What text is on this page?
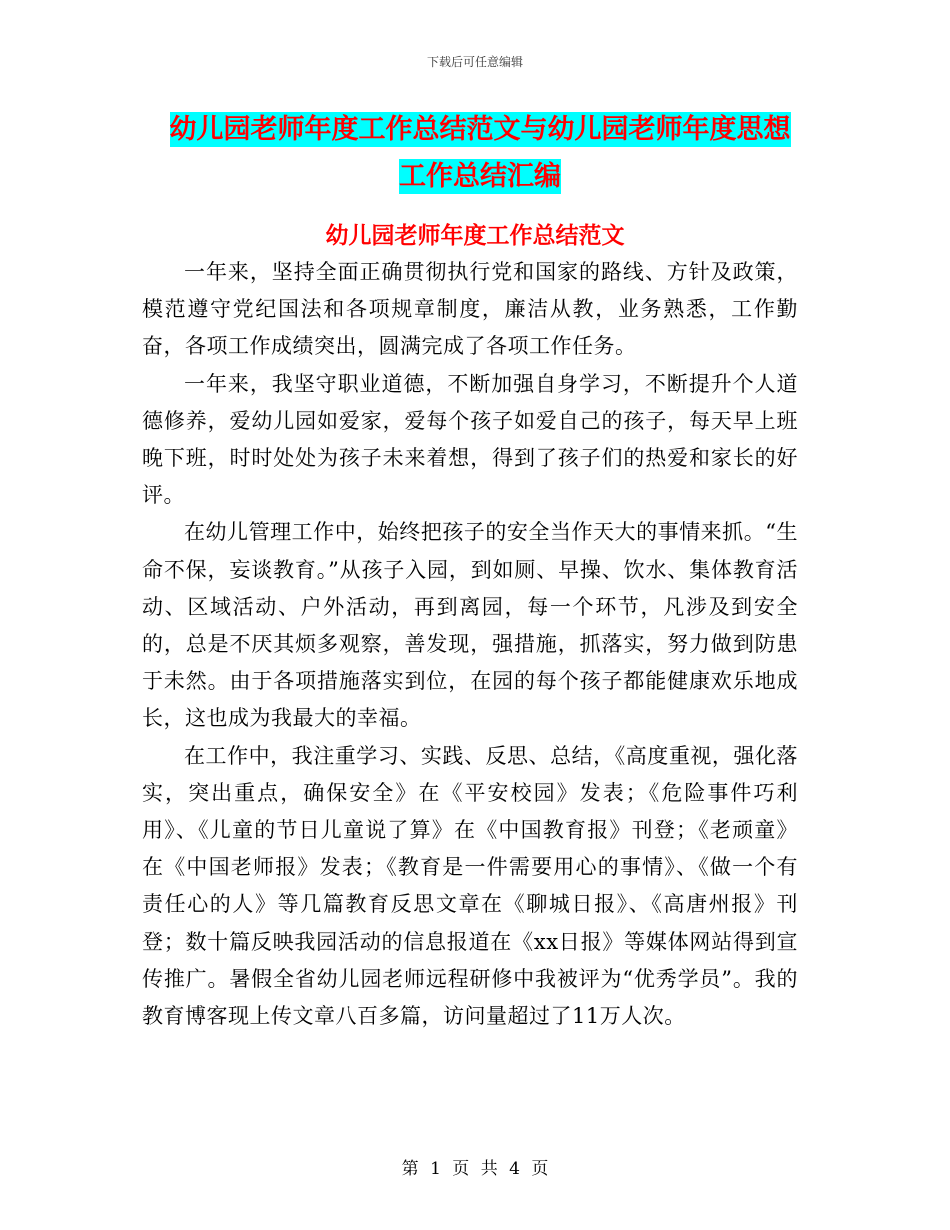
下载后可任意编辑
幼儿园老师年度工作总结范文与幼儿园老师年度思想
工作总结汇编
幼儿园老师年度工作总结范文

一年来，坚持全面正确贯彻执行党和国家的路线、方针及政策，模范遵守党纪国法和各项规章制度，廉洁从教，业务熟悉，工作勤奋，各项工作成绩突出，圆满完成了各项工作任务。

一年来，我坚守职业道德，不断加强自身学习，不断提升个人道德修养，爱幼儿园如爱家，爱每个孩子如爱自己的孩子，每天早上班晚下班，时时处处为孩子未来着想，得到了孩子们的热爱和家长的好评。

在幼儿管理工作中，始终把孩子的安全当作天大的事情来抓。“生命不保，妄谈教育。”从孩子入园，到如厕、早操、饮水、集体教育活动、区域活动、户外活动，再到离园，每一个环节，凡涉及到安全的，总是不厌其烦多观察，善发现，强措施，抓落实，努力做到防患于未然。由于各项措施落实到位，在园的每个孩子都能健康欢乐地成长，这也成为我最大的幸福。

在工作中，我注重学习、实践、反思、总结，《高度重视，强化落实，突出重点，确保安全》在《平安校园》发表；《危险事件巧利用》、《儿童的节日儿童说了算》在《中国教育报》刊登；《老顽童》在《中国老师报》发表；《教育是一件需要用心的事情》、《做一个有责任心的人》等几篇教育反思文章在《聊城日报》、《高唐州报》刊登；数十篇反映我园活动的信息报道在《xx日报》等媒体网站得到宣传推广。暑假全省幼儿园老师远程研修中我被评为“优秀学员”。我的教育博客现上传文章八百多篇，访问量超过了11万人次。

第 1 页 共 4 页
